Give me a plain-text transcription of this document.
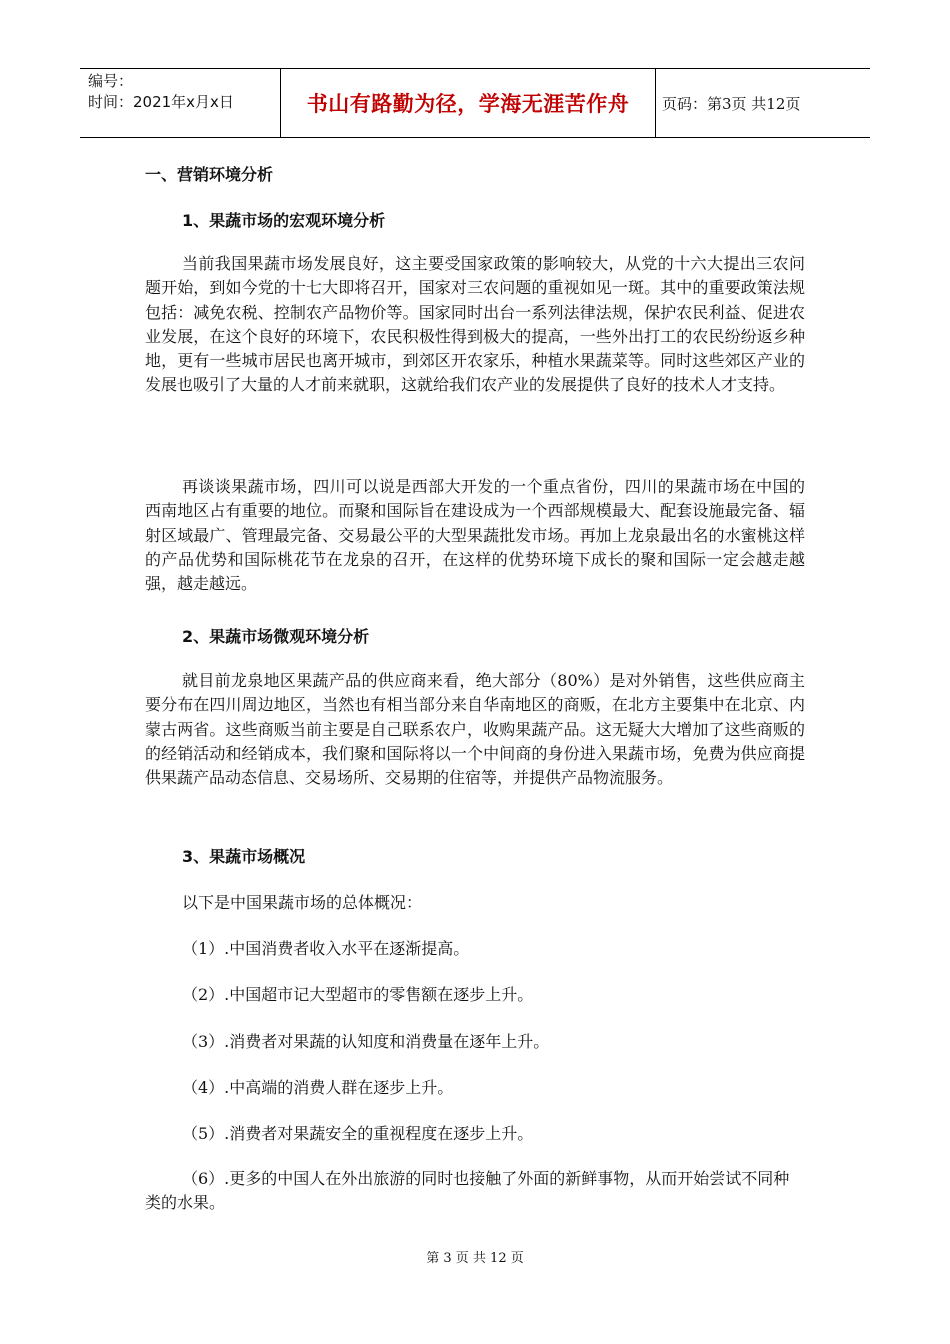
编号：
时间：2021年x月x日	书山有路勤为径，学海无涯苦作舟	页码：第3页 共12页
一、营销环境分析
1、果蔬市场的宏观环境分析
当前我国果蔬市场发展良好，这主要受国家政策的影响较大，从党的十六大提出三农问题开始，到如今党的十七大即将召开，国家对三农问题的重视如见一斑。其中的重要政策法规包括：减免农税、控制农产品物价等。国家同时出台一系列法律法规，保护农民利益、促进农业发展，在这个良好的环境下，农民积极性得到极大的提高，一些外出打工的农民纷纷返乡种地，更有一些城市居民也离开城市，到郊区开农家乐，种植水果蔬菜等。同时这些郊区产业的发展也吸引了大量的人才前来就职，这就给我们农产业的发展提供了良好的技术人才支持。
再谈谈果蔬市场，四川可以说是西部大开发的一个重点省份，四川的果蔬市场在中国的西南地区占有重要的地位。而聚和国际旨在建设成为一个西部规模最大、配套设施最完备、辐射区域最广、管理最完备、交易最公平的大型果蔬批发市场。再加上龙泉最出名的水蜜桃这样的产品优势和国际桃花节在龙泉的召开，在这样的优势环境下成长的聚和国际一定会越走越强，越走越远。
2、果蔬市场微观环境分析
就目前龙泉地区果蔬产品的供应商来看，绝大部分（80%）是对外销售，这些供应商主要分布在四川周边地区，当然也有相当部分来自华南地区的商贩，在北方主要集中在北京、内蒙古两省。这些商贩当前主要是自己联系农户，收购果蔬产品。这无疑大大增加了这些商贩的的经销活动和经销成本，我们聚和国际将以一个中间商的身份进入果蔬市场，免费为供应商提供果蔬产品动态信息、交易场所、交易期的住宿等，并提供产品物流服务。
3、果蔬市场概况
以下是中国果蔬市场的总体概况：
（1）.中国消费者收入水平在逐渐提高。
（2）.中国超市记大型超市的零售额在逐步上升。
（3）.消费者对果蔬的认知度和消费量在逐年上升。
（4）.中高端的消费人群在逐步上升。
（5）.消费者对果蔬安全的重视程度在逐步上升。
（6）.更多的中国人在外出旅游的同时也接触了外面的新鲜事物，从而开始尝试不同种类的水果。
第 3 页 共 12 页
